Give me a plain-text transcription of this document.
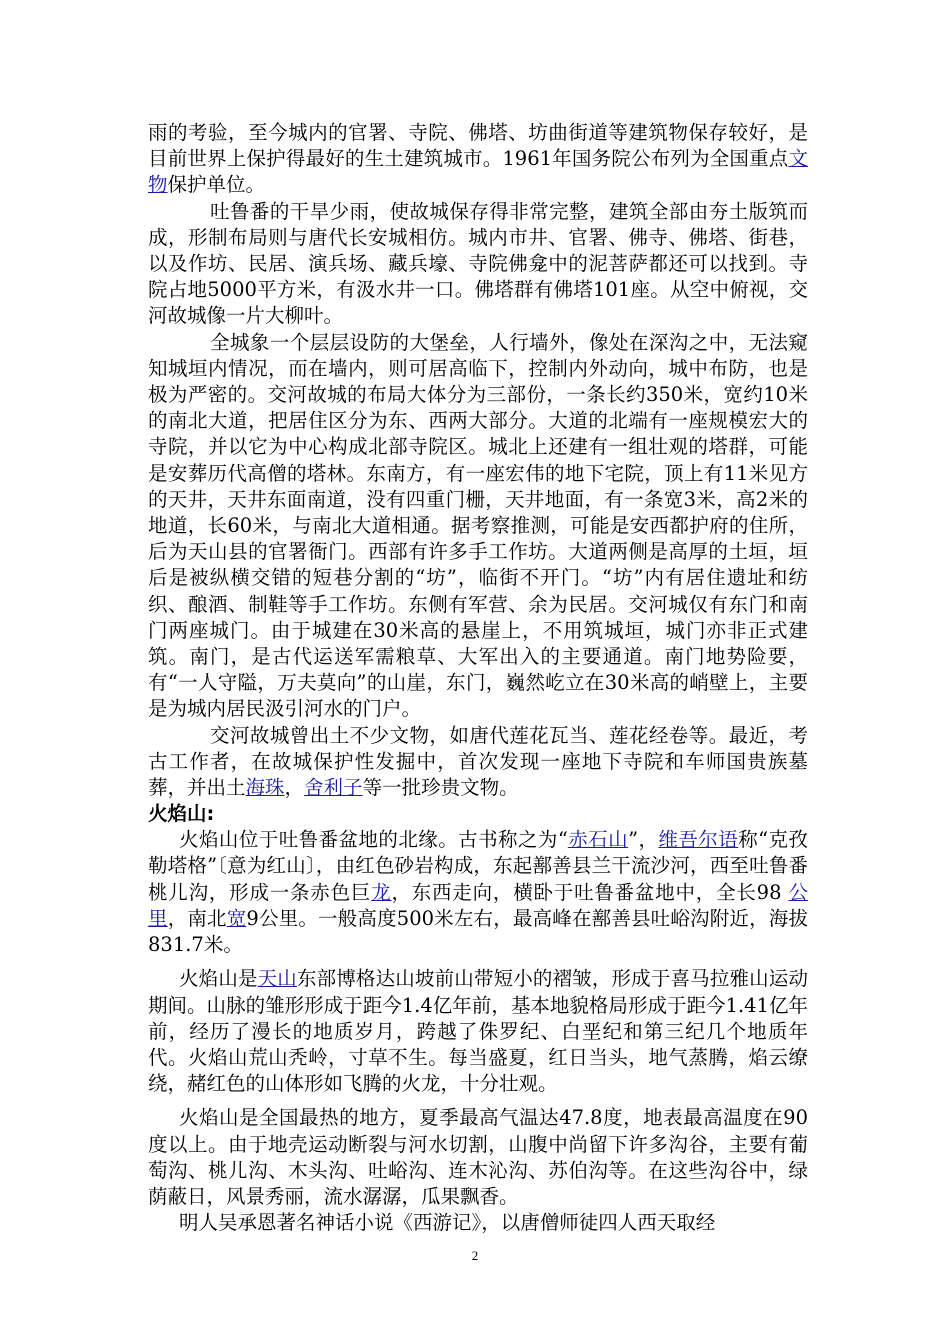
雨的考验，至今城内的官署、寺院、佛塔、坊曲街道等建筑物保存较好，是目前世界上保护得最好的生土建筑城市。1961年国务院公布列为全国重点文物保护单位。

吐鲁番的干旱少雨，使故城保存得非常完整，建筑全部由夯土版筑而成，形制布局则与唐代长安城相仿。城内市井、官署、佛寺、佛塔、街巷，以及作坊、民居、演兵场、藏兵壕、寺院佛龛中的泥菩萨都还可以找到。寺院占地5000平方米，有汲水井一口。佛塔群有佛塔101座。从空中俯视，交河故城像一片大柳叶。

全城象一个层层设防的大堡垒，人行墙外，像处在深沟之中，无法窥知城垣内情况，而在墙内，则可居高临下，控制内外动向，城中布防，也是极为严密的。交河故城的布局大体分为三部份，一条长约350米，宽约10米的南北大道，把居住区分为东、西两大部分。大道的北端有一座规模宏大的寺院，并以它为中心构成北部寺院区。城北上还建有一组壮观的塔群，可能是安葬历代高僧的塔林。东南方，有一座宏伟的地下宅院，顶上有11米见方的天井，天井东面南道，没有四重门栅，天井地面，有一条宽3米，高2米的地道，长60米，与南北大道相通。据考察推测，可能是安西都护府的住所，后为天山县的官署衙门。西部有许多手工作坊。大道两侧是高厚的土垣，垣后是被纵横交错的短巷分割的“坊”，临街不开门。“坊”内有居住遗址和纺织、酿酒、制鞋等手工作坊。东侧有军营、余为民居。交河城仅有东门和南门两座城门。由于城建在30米高的悬崖上，不用筑城垣，城门亦非正式建筑。南门，是古代运送军需粮草、大军出入的主要通道。南门地势险要，有“一人守隘，万夫莫向”的山崖，东门，巍然屹立在30米高的峭壁上，主要是为城内居民汲引河水的门户。

交河故城曾出土不少文物，如唐代莲花瓦当、莲花经卷等。最近，考古工作者，在故城保护性发掘中，首次发现一座地下寺院和车师国贵族墓葬，并出土海珠，舍利子等一批珍贵文物。

火焰山:

火焰山位于吐鲁番盆地的北缘。古书称之为“赤石山”，维吾尔语称“克孜勒塔格”〔意为红山〕，由红色砂岩构成，东起鄯善县兰干流沙河，西至吐鲁番桃儿沟，形成一条赤色巨龙，东西走向，横卧于吐鲁番盆地中，全长98 公里，南北宽9公里。一般高度500米左右，最高峰在鄯善县吐峪沟附近，海拔831.7米。

火焰山是天山东部博格达山坡前山带短小的褶皱，形成于喜马拉雅山运动期间。山脉的雏形形成于距今1.4亿年前，基本地貌格局形成于距今1.41亿年前，经历了漫长的地质岁月，跨越了侏罗纪、白垩纪和第三纪几个地质年代。火焰山荒山秃岭，寸草不生。每当盛夏，红日当头，地气蒸腾，焰云缭绕，赭红色的山体形如飞腾的火龙，十分壮观。

火焰山是全国最热的地方，夏季最高气温达47.8度，地表最高温度在90度以上。由于地壳运动断裂与河水切割，山腹中尚留下许多沟谷，主要有葡萄沟、桃儿沟、木头沟、吐峪沟、连木沁沟、苏伯沟等。在这些沟谷中，绿荫蔽日，风景秀丽，流水潺潺，瓜果飘香。

明人吴承恩著名神话小说《西游记》，以唐僧师徒四人西天取经

2
